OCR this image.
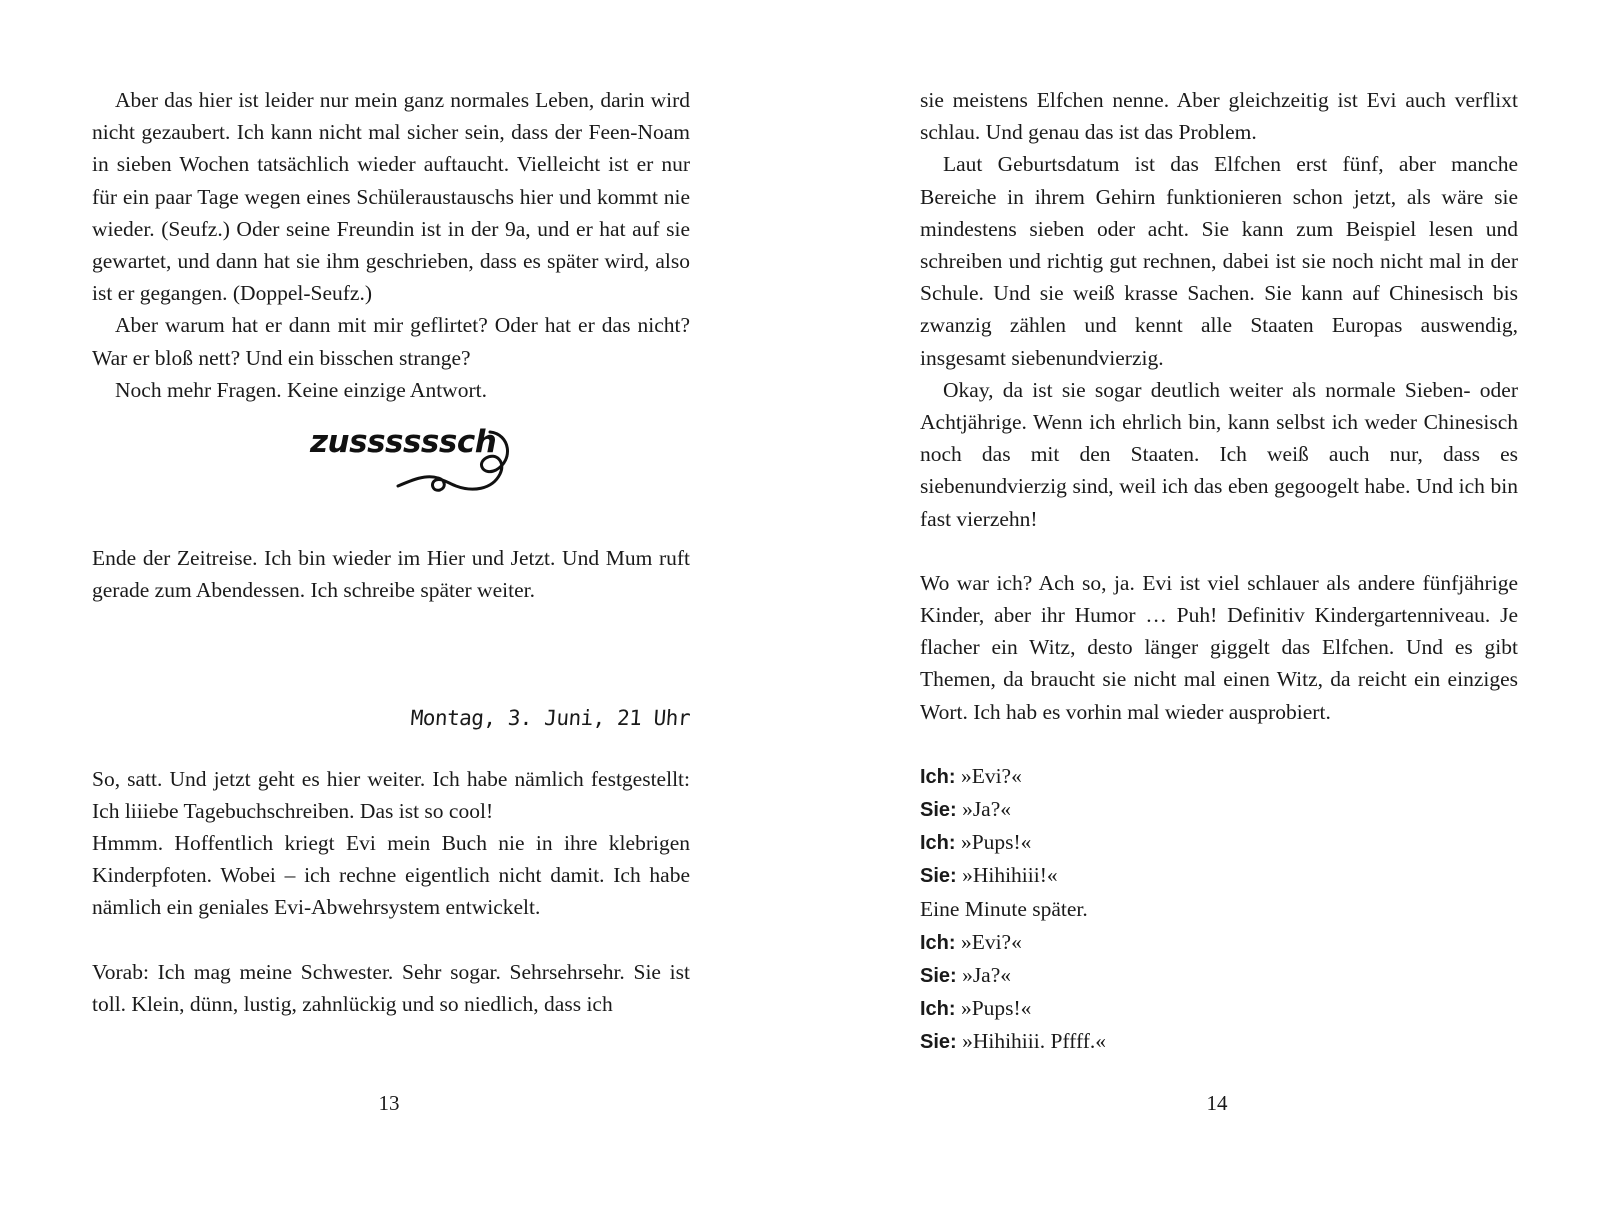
Aber das hier ist leider nur mein ganz normales Leben, darin wird nicht gezaubert. Ich kann nicht mal sicher sein, dass der Feen-Noam in sieben Wochen tatsächlich wieder auftaucht. Vielleicht ist er nur für ein paar Tage wegen eines Schüleraustauschs hier und kommt nie wieder. (Seufz.) Oder seine Freundin ist in der 9a, und er hat auf sie gewartet, und dann hat sie ihm geschrieben, dass es später wird, also ist er gegangen. (Doppel-Seufz.)

Aber warum hat er dann mit mir geflirtet? Oder hat er das nicht? War er bloß nett? Und ein bisschen strange?

Noch mehr Fragen. Keine einzige Antwort.

zussssssch

Ende der Zeitreise. Ich bin wieder im Hier und Jetzt. Und Mum ruft gerade zum Abendessen. Ich schreibe später weiter.

Montag, 3. Juni, 21 Uhr

So, satt. Und jetzt geht es hier weiter. Ich habe nämlich festgestellt: Ich liiiebe Tagebuchschreiben. Das ist so cool!

Hmmm. Hoffentlich kriegt Evi mein Buch nie in ihre klebrigen Kinderpfoten. Wobei – ich rechne eigentlich nicht damit. Ich habe nämlich ein geniales Evi-Abwehrsystem entwickelt.

Vorab: Ich mag meine Schwester. Sehr sogar. Sehrsehrsehr. Sie ist toll. Klein, dünn, lustig, zahnlückig und so niedlich, dass ich

13

sie meistens Elfchen nenne. Aber gleichzeitig ist Evi auch verflixt schlau. Und genau das ist das Problem.

Laut Geburtsdatum ist das Elfchen erst fünf, aber manche Bereiche in ihrem Gehirn funktionieren schon jetzt, als wäre sie mindestens sieben oder acht. Sie kann zum Beispiel lesen und schreiben und richtig gut rechnen, dabei ist sie noch nicht mal in der Schule. Und sie weiß krasse Sachen. Sie kann auf Chinesisch bis zwanzig zählen und kennt alle Staaten Europas auswendig, insgesamt siebenundvierzig.

Okay, da ist sie sogar deutlich weiter als normale Sieben- oder Achtjährige. Wenn ich ehrlich bin, kann selbst ich weder Chinesisch noch das mit den Staaten. Ich weiß auch nur, dass es siebenundvierzig sind, weil ich das eben gegoogelt habe. Und ich bin fast vierzehn!

Wo war ich? Ach so, ja. Evi ist viel schlauer als andere fünfjährige Kinder, aber ihr Humor … Puh! Definitiv Kindergartenniveau. Je flacher ein Witz, desto länger giggelt das Elfchen. Und es gibt Themen, da braucht sie nicht mal einen Witz, da reicht ein einziges Wort. Ich hab es vorhin mal wieder ausprobiert.

Ich: »Evi?«
Sie: »Ja?«
Ich: »Pups!«
Sie: »Hihihiii!«
Eine Minute später.
Ich: »Evi?«
Sie: »Ja?«
Ich: »Pups!«
Sie: »Hihihiii. Pffff.«
14
